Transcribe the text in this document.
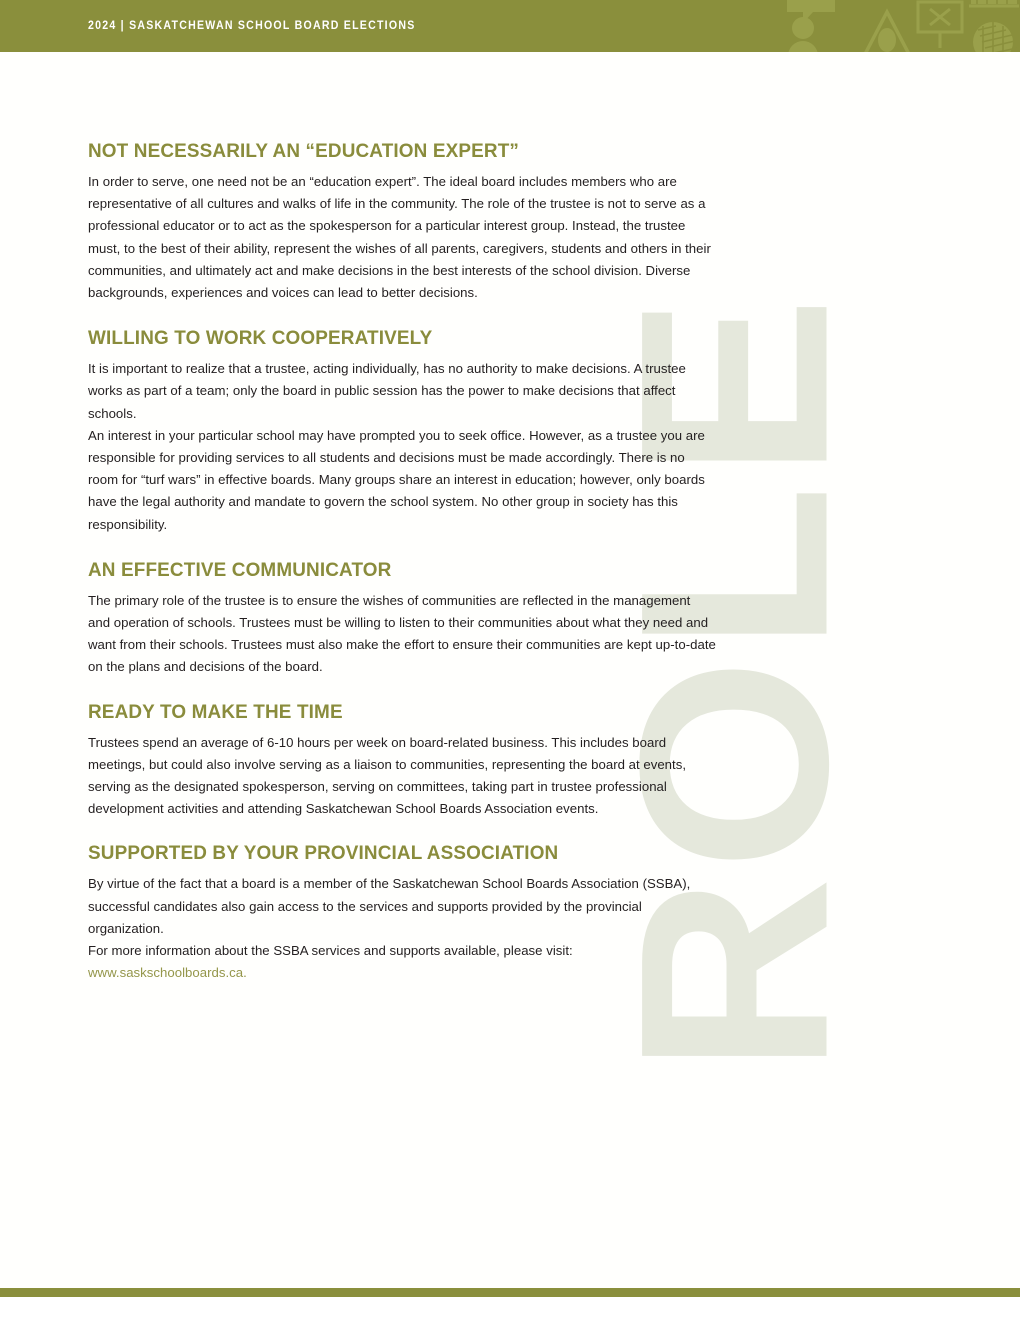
2024 | SASKATCHEWAN SCHOOL BOARD ELECTIONS
ROLE
NOT NECESSARILY AN “EDUCATION EXPERT”

In order to serve, one need not be an “education expert”. The ideal board includes members who are representative of all cultures and walks of life in the community. The role of the trustee is not to serve as a professional educator or to act as the spokesperson for a particular interest group. Instead, the trustee must, to the best of their ability, represent the wishes of all parents, caregivers, students and others in their communities, and ultimately act and make decisions in the best interests of the school division. Diverse backgrounds, experiences and voices can lead to better decisions.

WILLING TO WORK COOPERATIVELY

It is important to realize that a trustee, acting individually, has no authority to make decisions. A trustee works as part of a team; only the board in public session has the power to make decisions that affect schools.

An interest in your particular school may have prompted you to seek office. However, as a trustee you are responsible for providing services to all students and decisions must be made accordingly. There is no room for “turf wars” in effective boards. Many groups share an interest in education; however, only boards have the legal authority and mandate to govern the school system. No other group in society has this responsibility.

AN EFFECTIVE COMMUNICATOR

The primary role of the trustee is to ensure the wishes of communities are reflected in the management and operation of schools. Trustees must be willing to listen to their communities about what they need and want from their schools. Trustees must also make the effort to ensure their communities are kept up-to-date on the plans and decisions of the board.

READY TO MAKE THE TIME

Trustees spend an average of 6-10 hours per week on board-related business. This includes board meetings, but could also involve serving as a liaison to communities, representing the board at events, serving as the designated spokesperson, serving on committees, taking part in trustee professional development activities and attending Saskatchewan School Boards Association events.

SUPPORTED BY YOUR PROVINCIAL ASSOCIATION

By virtue of the fact that a board is a member of the Saskatchewan School Boards Association (SSBA), successful candidates also gain access to the services and supports provided by the provincial organization.

For more information about the SSBA services and supports available, please visit:

www.saskschoolboards.ca.
